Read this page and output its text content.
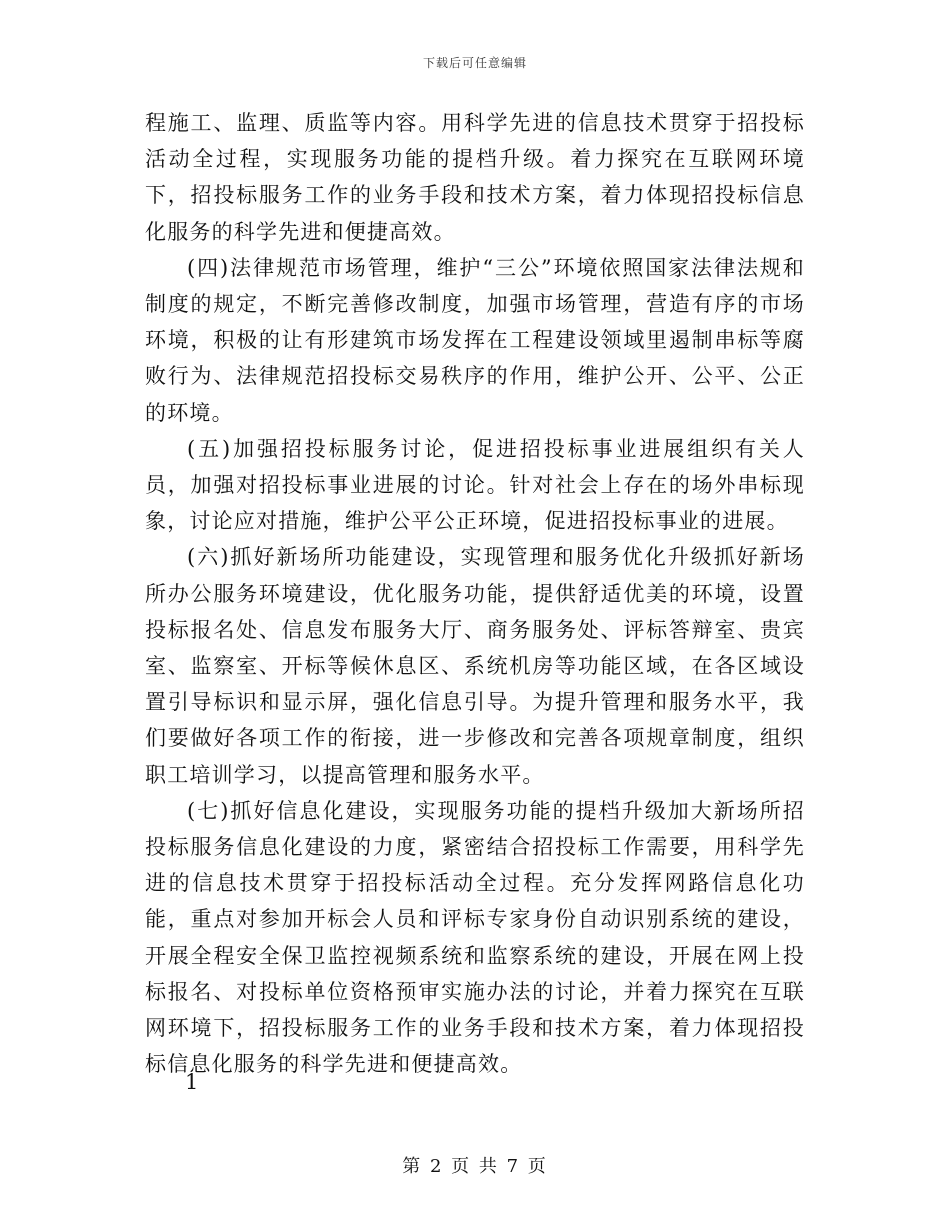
下载后可任意编辑

程施工、监理、质监等内容。用科学先进的信息技术贯穿于招投标活动全过程，实现服务功能的提档升级。着力探究在互联网环境下，招投标服务工作的业务手段和技术方案，着力体现招投标信息化服务的科学先进和便捷高效。

(四)法律规范市场管理，维护“三公”环境依照国家法律法规和制度的规定，不断完善修改制度，加强市场管理，营造有序的市场环境，积极的让有形建筑市场发挥在工程建设领域里遏制串标等腐败行为、法律规范招投标交易秩序的作用，维护公开、公平、公正的环境。

(五)加强招投标服务讨论，促进招投标事业进展组织有关人员，加强对招投标事业进展的讨论。针对社会上存在的场外串标现象，讨论应对措施，维护公平公正环境，促进招投标事业的进展。

(六)抓好新场所功能建设，实现管理和服务优化升级抓好新场所办公服务环境建设，优化服务功能，提供舒适优美的环境，设置投标报名处、信息发布服务大厅、商务服务处、评标答辩室、贵宾室、监察室、开标等候休息区、系统机房等功能区域，在各区域设置引导标识和显示屏，强化信息引导。为提升管理和服务水平，我们要做好各项工作的衔接，进一步修改和完善各项规章制度，组织职工培训学习，以提高管理和服务水平。

(七)抓好信息化建设，实现服务功能的提档升级加大新场所招投标服务信息化建设的力度，紧密结合招投标工作需要，用科学先进的信息技术贯穿于招投标活动全过程。充分发挥网路信息化功能，重点对参加开标会人员和评标专家身份自动识别系统的建设，开展全程安全保卫监控视频系统和监察系统的建设，开展在网上投标报名、对投标单位资格预审实施办法的讨论，并着力探究在互联网环境下，招投标服务工作的业务手段和技术方案，着力体现招投标信息化服务的科学先进和便捷高效。

1
第 2 页 共 7 页
